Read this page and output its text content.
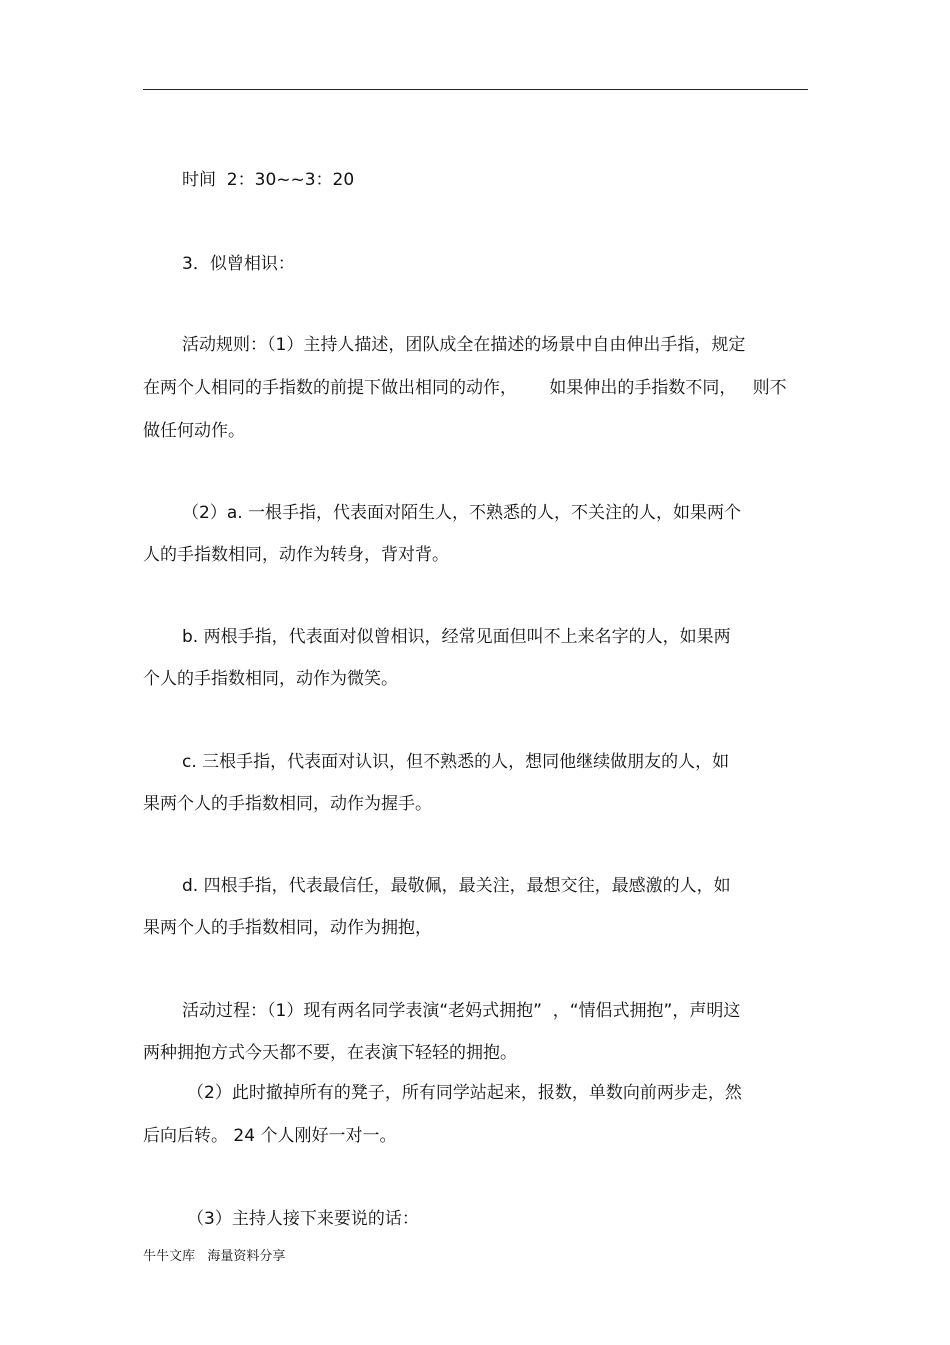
时间  2：30~~3：20

3．似曾相识：

活动规则：（1）主持人描述，团队成全在描述的场景中自由伸出手指，规定

在两个人相同的手指数的前提下做出相同的动作，      如果伸出的手指数不同，   则不

做任何动作。

（2）a. 一根手指，代表面对陌生人，不熟悉的人，不关注的人，如果两个

人的手指数相同，动作为转身，背对背。

b. 两根手指，代表面对似曾相识，经常见面但叫不上来名字的人，如果两

个人的手指数相同，动作为微笑。

c. 三根手指，代表面对认识，但不熟悉的人，想同他继续做朋友的人，如

果两个人的手指数相同，动作为握手。

d. 四根手指，代表最信任，最敬佩，最关注，最想交往，最感激的人，如

果两个人的手指数相同，动作为拥抱，

活动过程：（1）现有两名同学表演“老妈式拥抱”  ，“情侣式拥抱”，声明这

两种拥抱方式今天都不要，在表演下轻轻的拥抱。

（2）此时撤掉所有的凳子，所有同学站起来，报数，单数向前两步走，然

后向后转。 24 个人刚好一对一。

（3）主持人接下来要说的话：

牛牛文库   海量资料分享
